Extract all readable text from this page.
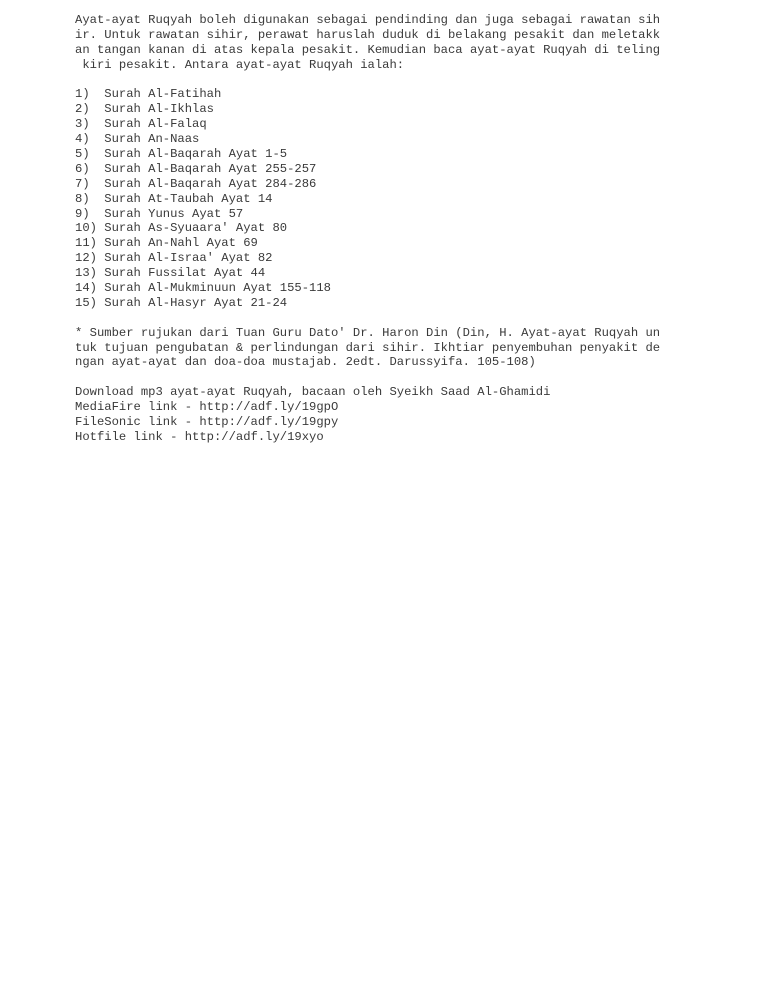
Ayat-ayat Ruqyah boleh digunakan sebagai pendinding dan juga sebagai rawatan sih
ir. Untuk rawatan sihir, perawat haruslah duduk di belakang pesakit dan meletakk
an tangan kanan di atas kepala pesakit. Kemudian baca ayat-ayat Ruqyah di teling
kiri pesakit. Antara ayat-ayat Ruqyah ialah:
1)  Surah Al-Fatihah
2)  Surah Al-Ikhlas
3)  Surah Al-Falaq
4)  Surah An-Naas
5)  Surah Al-Baqarah Ayat 1-5
6)  Surah Al-Baqarah Ayat 255-257
7)  Surah Al-Baqarah Ayat 284-286
8)  Surah At-Taubah Ayat 14
9)  Surah Yunus Ayat 57
10) Surah As-Syuaara' Ayat 80
11) Surah An-Nahl Ayat 69
12) Surah Al-Israa' Ayat 82
13) Surah Fussilat Ayat 44
14) Surah Al-Mukminuun Ayat 155-118
15) Surah Al-Hasyr Ayat 21-24
* Sumber rujukan dari Tuan Guru Dato' Dr. Haron Din (Din, H. Ayat-ayat Ruqyah un
tuk tujuan pengubatan & perlindungan dari sihir. Ikhtiar penyembuhan penyakit de
ngan ayat-ayat dan doa-doa mustajab. 2edt. Darussyifa. 105-108)
Download mp3 ayat-ayat Ruqyah, bacaan oleh Syeikh Saad Al-Ghamidi
MediaFire link - http://adf.ly/19gpO
FileSonic link - http://adf.ly/19gpy
Hotfile link - http://adf.ly/19xyo
